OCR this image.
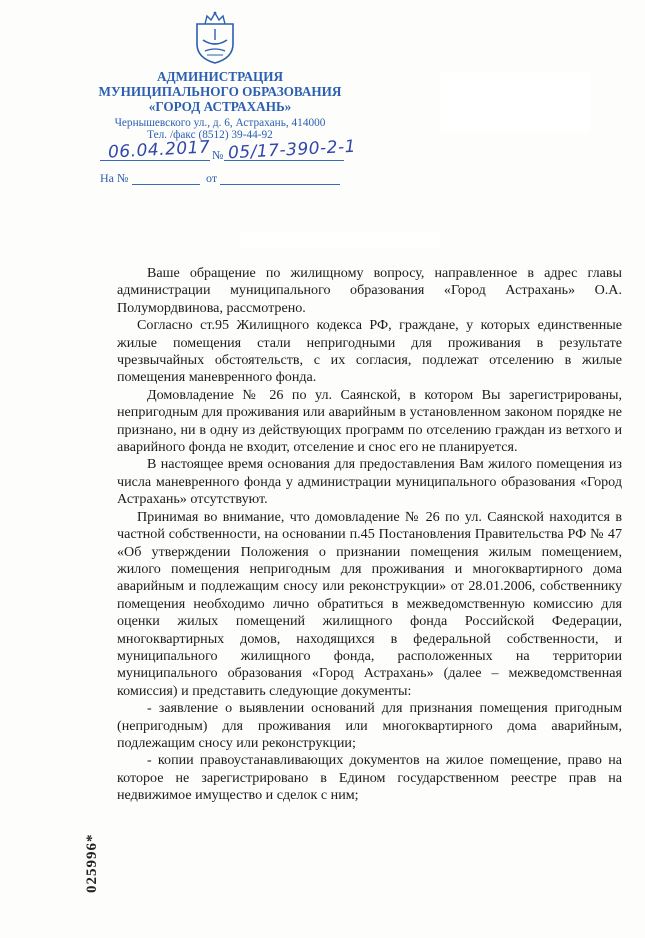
АДМИНИСТРАЦИЯ
МУНИЦИПАЛЬНОГО ОБРАЗОВАНИЯ
«ГОРОД АСТРАХАНЬ»
Чернышевского ул., д. 6, Астрахань, 414000
Тел. /факс (8512) 39-44-92
06.04.2017 № 05/17-390-2-1
На №	от

Ваше обращение по жилищному вопросу, направленное в адрес главы администрации муниципального образования «Город Астрахань» О.А. Полумордвинова, рассмотрено.

Согласно ст.95 Жилищного кодекса РФ, граждане, у которых единственные жилые помещения стали непригодными для проживания в результате чрезвычайных обстоятельств, с их согласия, подлежат отселению в жилые помещения маневренного фонда.

Домовладение № 26 по ул. Саянской, в котором Вы зарегистрированы, непригодным для проживания или аварийным в установленном законом порядке не признано, ни в одну из действующих программ по отселению граждан из ветхого и аварийного фонда не входит, отселение и снос его не планируется.

В настоящее время основания для предоставления Вам жилого помещения из числа маневренного фонда у администрации муниципального образования «Город Астрахань» отсутствуют.

Принимая во внимание, что домовладение № 26 по ул. Саянской находится в частной собственности, на основании п.45 Постановления Правительства РФ № 47 «Об утверждении Положения о признании помещения жилым помещением, жилого помещения непригодным для проживания и многоквартирного дома аварийным и подлежащим сносу или реконструкции» от 28.01.2006, собственнику помещения необходимо лично обратиться в межведомственную комиссию для оценки жилых помещений жилищного фонда Российской Федерации, многоквартирных домов, находящихся в федеральной собственности, и муниципального жилищного фонда, расположенных на территории муниципального образования «Город Астрахань» (далее – межведомственная комиссия) и представить следующие документы:

- заявление о выявлении оснований для признания помещения пригодным (непригодным) для проживания или многоквартирного дома аварийным, подлежащим сносу или реконструкции;

- копии правоустанавливающих документов на жилое помещение, право на которое не зарегистрировано в Едином государственном реестре прав на недвижимое имущество и сделок с ним;

025996*
